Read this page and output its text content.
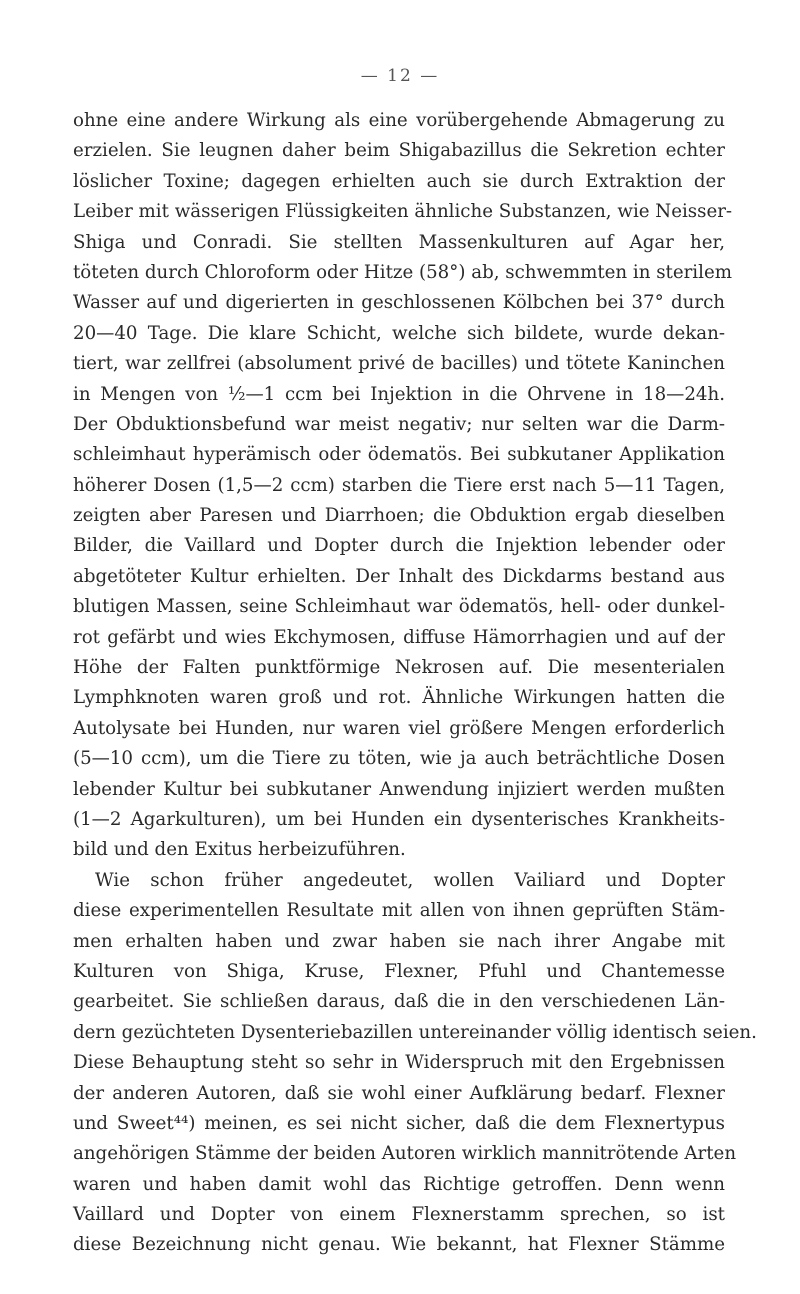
— 12 —
ohne eine andere Wirkung als eine vorübergehende Abmagerung zu
erzielen. Sie leugnen daher beim Shigabazillus die Sekretion echter
löslicher Toxine; dagegen erhielten auch sie durch Extraktion der
Leiber mit wässerigen Flüssigkeiten ähnliche Substanzen, wie Neisser-
Shiga und Conradi. Sie stellten Massenkulturen auf Agar her,
töteten durch Chloroform oder Hitze (58°) ab, schwemmten in sterilem
Wasser auf und digerierten in geschlossenen Kölbchen bei 37° durch
20—40 Tage. Die klare Schicht, welche sich bildete, wurde dekan-
tiert, war zellfrei (absolument privé de bacilles) und tötete Kaninchen
in Mengen von ½—1 ccm bei Injektion in die Ohrvene in 18—24h.
Der Obduktionsbefund war meist negativ; nur selten war die Darm-
schleimhaut hyperämisch oder ödematös. Bei subkutaner Applikation
höherer Dosen (1,5—2 ccm) starben die Tiere erst nach 5—11 Tagen,
zeigten aber Paresen und Diarrhoen; die Obduktion ergab dieselben
Bilder, die Vaillard und Dopter durch die Injektion lebender oder
abgetöteter Kultur erhielten. Der Inhalt des Dickdarms bestand aus
blutigen Massen, seine Schleimhaut war ödematös, hell- oder dunkel-
rot gefärbt und wies Ekchymosen, diffuse Hämorrhagien und auf der
Höhe der Falten punktförmige Nekrosen auf. Die mesenterialen
Lymphknoten waren groß und rot. Ähnliche Wirkungen hatten die
Autolysate bei Hunden, nur waren viel größere Mengen erforderlich
(5—10 ccm), um die Tiere zu töten, wie ja auch beträchtliche Dosen
lebender Kultur bei subkutaner Anwendung injiziert werden mußten
(1—2 Agarkulturen), um bei Hunden ein dysenterisches Krankheits-
bild und den Exitus herbeizuführen.
Wie schon früher angedeutet, wollen Vailiard und Dopter
diese experimentellen Resultate mit allen von ihnen geprüften Stäm-
men erhalten haben und zwar haben sie nach ihrer Angabe mit
Kulturen von Shiga, Kruse, Flexner, Pfuhl und Chantemesse
gearbeitet. Sie schließen daraus, daß die in den verschiedenen Län-
dern gezüchteten Dysenteriebazillen untereinander völlig identisch seien.
Diese Behauptung steht so sehr in Widerspruch mit den Ergebnissen
der anderen Autoren, daß sie wohl einer Aufklärung bedarf. Flexner
und Sweet⁴⁴) meinen, es sei nicht sicher, daß die dem Flexnertypus
angehörigen Stämme der beiden Autoren wirklich mannitrötende Arten
waren und haben damit wohl das Richtige getroffen. Denn wenn
Vaillard und Dopter von einem Flexnerstamm sprechen, so ist
diese Bezeichnung nicht genau. Wie bekannt, hat Flexner Stämme
